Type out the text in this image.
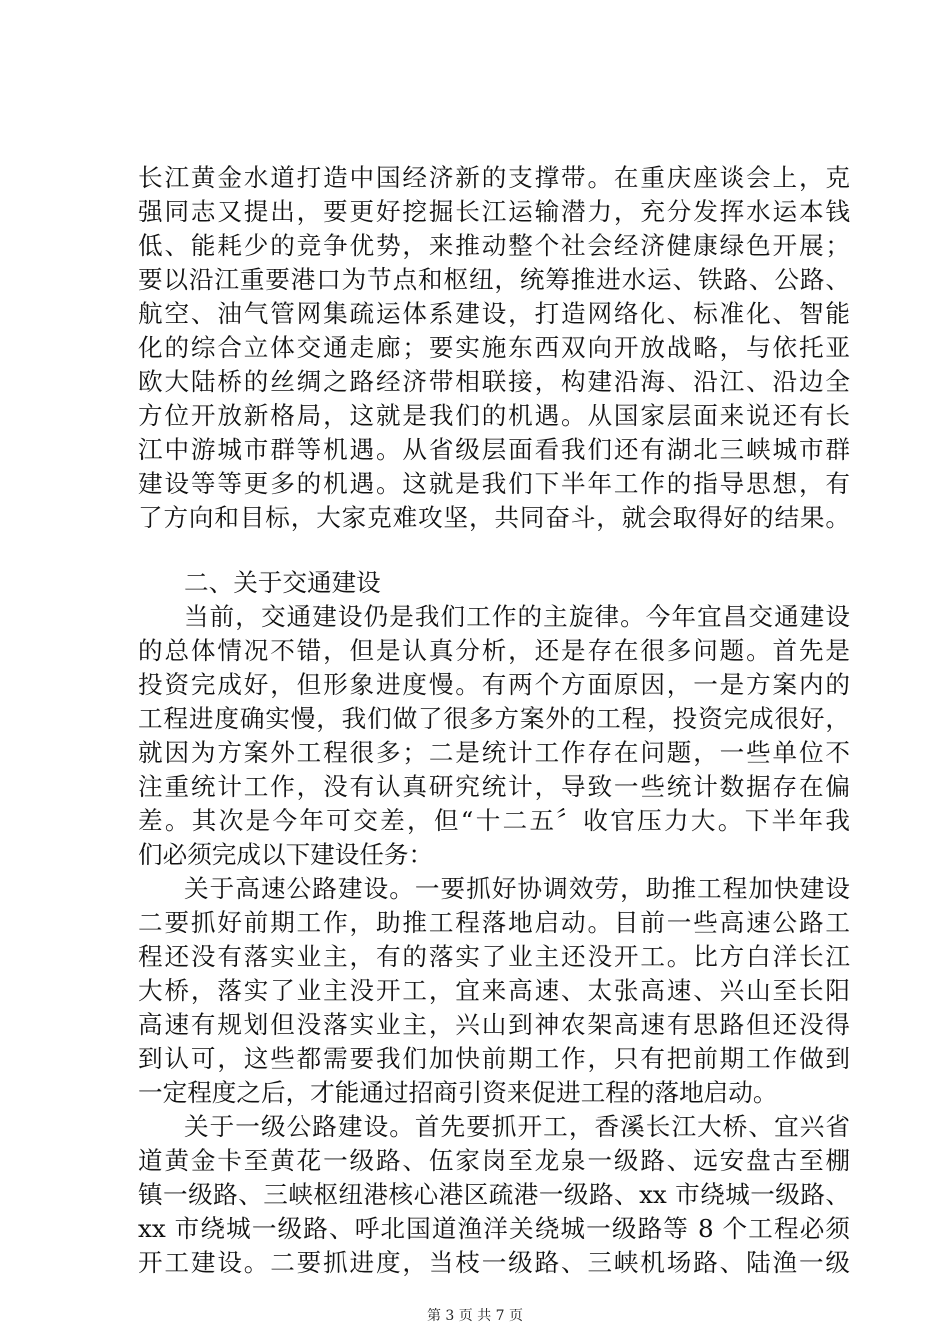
长江黄金水道打造中国经济新的支撑带。在重庆座谈会上，克
强同志又提出，要更好挖掘长江运输潜力，充分发挥水运本钱
低、能耗少的竞争优势，来推动整个社会经济健康绿色开展；
要以沿江重要港口为节点和枢纽，统筹推进水运、铁路、公路、
航空、油气管网集疏运体系建设，打造网络化、标准化、智能
化的综合立体交通走廊；要实施东西双向开放战略，与依托亚
欧大陆桥的丝绸之路经济带相联接，构建沿海、沿江、沿边全
方位开放新格局，这就是我们的机遇。从国家层面来说还有长
江中游城市群等机遇。从省级层面看我们还有湖北三峡城市群
建设等等更多的机遇。这就是我们下半年工作的指导思想，有
了方向和目标，大家克难攻坚，共同奋斗，就会取得好的结果。
二、关于交通建设
当前，交通建设仍是我们工作的主旋律。今年宜昌交通建设
的总体情况不错，但是认真分析，还是存在很多问题。首先是
投资完成好，但形象进度慢。有两个方面原因，一是方案内的
工程进度确实慢，我们做了很多方案外的工程，投资完成很好，
就因为方案外工程很多；二是统计工作存在问题，一些单位不
注重统计工作，没有认真研究统计，导致一些统计数据存在偏
差。其次是今年可交差，但“十二五〞收官压力大。下半年我
们必须完成以下建设任务：
关于高速公路建设。一要抓好协调效劳，助推工程加快建设
二要抓好前期工作，助推工程落地启动。目前一些高速公路工
程还没有落实业主，有的落实了业主还没开工。比方白洋长江
大桥，落实了业主没开工，宜来高速、太张高速、兴山至长阳
高速有规划但没落实业主，兴山到神农架高速有思路但还没得
到认可，这些都需要我们加快前期工作，只有把前期工作做到
一定程度之后，才能通过招商引资来促进工程的落地启动。
关于一级公路建设。首先要抓开工，香溪长江大桥、宜兴省
道黄金卡至黄花一级路、伍家岗至龙泉一级路、远安盘古至棚
镇一级路、三峡枢纽港核心港区疏港一级路、xx 市绕城一级路、
xx 市绕城一级路、呼北国道渔洋关绕城一级路等 8 个工程必须
开工建设。二要抓进度，当枝一级路、三峡机场路、陆渔一级
第 3 页 共 7 页
